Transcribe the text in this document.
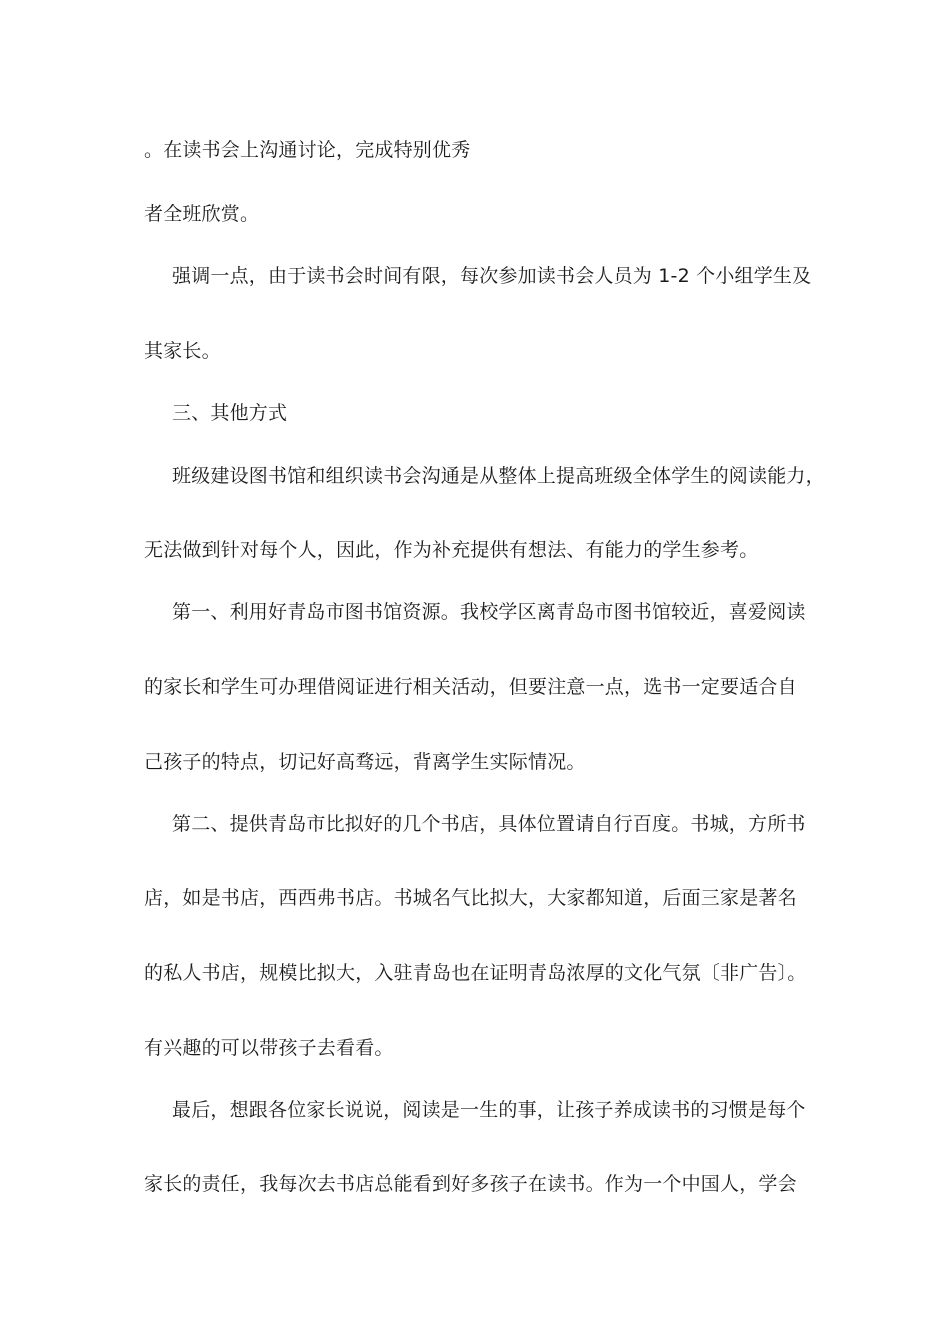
。在读书会上沟通讨论，完成特别优秀
者全班欣赏。
强调一点，由于读书会时间有限，每次参加读书会人员为 1-2 个小组学生及
其家长。
三、其他方式
班级建设图书馆和组织读书会沟通是从整体上提高班级全体学生的阅读能力，
无法做到针对每个人，因此，作为补充提供有想法、有能力的学生参考。
第一、利用好青岛市图书馆资源。我校学区离青岛市图书馆较近，喜爱阅读
的家长和学生可办理借阅证进行相关活动，但要注意一点，选书一定要适合自
己孩子的特点，切记好高骛远，背离学生实际情况。
第二、提供青岛市比拟好的几个书店，具体位置请自行百度。书城，方所书
店，如是书店，西西弗书店。书城名气比拟大，大家都知道，后面三家是著名
的私人书店，规模比拟大，入驻青岛也在证明青岛浓厚的文化气氛〔非广告〕。
有兴趣的可以带孩子去看看。
最后，想跟各位家长说说，阅读是一生的事，让孩子养成读书的习惯是每个
家长的责任，我每次去书店总能看到好多孩子在读书。作为一个中国人，学会
